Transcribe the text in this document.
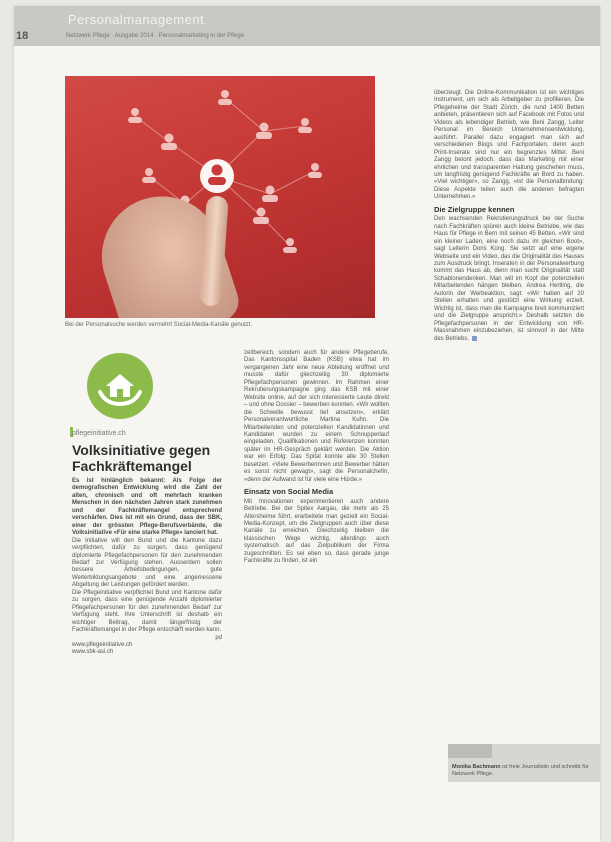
Personalmanagement
18	Netzwerk Pflege · Ausgabe 2014 · Personalmarketing in der Pflege
Bei der Personalsuche werden vermehrt Social-Media-Kanäle genutzt.
pflegeinitiative.ch
Volksinitiative gegen Fachkräftemangel

Es ist hinlänglich bekannt: Als Folge der demografischen Entwicklung wird die Zahl der alten, chronisch und oft mehrfach kranken Menschen in den nächsten Jahren stark zunehmen und der Fachkräftemangel entsprechend verschärfen. Dies ist mit ein Grund, dass der SBK, einer der grössten Pflege-Berufsverbände, die Volksinitiative «Für eine starke Pflege» lanciert hat.

Die Initiative will den Bund und die Kantone dazu verpflichten, dafür zu sorgen, dass genügend diplomierte Pflegefachpersonen für den zunehmenden Bedarf zur Verfügung stehen. Ausserdem sollen bessere Arbeitsbedingungen, gute Weiterbildungsangebote und eine angemessene Abgeltung der Leistungen gefördert werden.

Die Pflegeinitiative verpflichtet Bund und Kantone dafür zu sorgen, dass eine genügende Anzahl diplomierter Pflegefachpersonen für den zunehmenden Bedarf zur Verfügung steht. Ihre Unterschrift ist deshalb ein wichtiger Beitrag, damit längerfristig der Fachkräftemangel in der Pflege entschärft werden kann.

pd

www.pflegeinitiative.ch

www.sbk-asi.ch

zeitbereich, sondern auch für andere Pflegeberufe. Das Kantonsspital Baden (KSB) etwa hat im vergangenen Jahr eine neue Abteilung eröffnet und musste dafür gleichzeitig 30 diplomierte Pflegefachpersonen gewinnen. Im Rahmen einer Rekrutierungskampagne ging das KSB mit einer Website online, auf der sich interessierte Leute direkt – und ohne Dossier – bewerben konnten. «Wir wollten die Schwelle bewusst tief ansetzen», erklärt Personalverantwortliche Martina Kuhn. Die Mitarbeitenden und potenziellen Kandidatinnen und Kandidaten wurden zu einem Schnupperlauf eingeladen. Qualifikationen und Referenzen konnten später im HR-Gespräch geklärt werden. Die Aktion war ein Erfolg: Das Spital konnte alle 30 Stellen besetzen. «Viele Bewerberinnen und Bewerber hätten es sonst nicht gewagt», sagt die Personalchefin, «denn der Aufwand ist für viele eine Hürde.»

Einsatz von Social Media

Mit Innovationen experimentieren auch andere Betriebe. Bei der Spitex Aargau, die mehr als 25 Altersheime führt, erarbeitete man gezielt ein Social-Media-Konzept, um die Zielgruppen auch über diese Kanäle zu erreichen. Gleichzeitig bleiben die klassischen Wege wichtig, allerdings auch systematisch auf das Zielpublikum der Firma zugeschnitten. Es sei eben so, dass gerade junge Fachkräfte zu finden, ist ein

überzeugt. Die Online-Kommunikation ist ein wichtiges Instrument, um sich als Arbeitgeber zu profilieren. Die Pflegeheime der Stadt Zürich, die rund 1400 Betten anbieten, präsentieren sich auf Facebook mit Fotos und Videos als lebendiger Betrieb, wie Beni Zangg, Leiter Personal im Bereich Unternehmensentwicklung, ausführt. Parallel dazu engagiert man sich auf verschiedenen Blogs und Fachportalen, denn auch Print-Inserate sind nur ein begrenztes Mittel. Beni Zangg betont jedoch, dass das Marketing mit einer ehrlichen und transparenten Haltung geschehen muss, um langfristig genügend Fachkräfte an Bord zu haben. «Viel wichtiger», so Zangg, «ist die Personalbindung: Diese Aspekte teilen auch die anderen befragten Unternehmen.»

Die Zielgruppe kennen

Den wachsenden Rekrutierungsdruck bei der Suche nach Fachkräften spüren auch kleine Betriebe, wie das Haus für Pflege in Bern mit seinen 45 Betten. «Wir sind ein kleiner Laden, eine noch dazu im gleichen Boot», sagt Leiterin Doris Küng. Sie setzt auf eine eigene Webseite und ein Video, das die Originalität des Hauses zum Ausdruck bringt. Inseraten in der Personalwerbung kommt das Haus ab, denn man sucht Originalität statt Schablonendenken. Man will im Kopf der potenziellen Mitarbeitenden hängen bleiben. Andrea Hertling, die Autorin der Werbeaktion, sagt: «Wir haben auf 20 Stellen erhalten und gestützt eine Wirkung erzielt. Wichtig ist, dass man die Kampagne breit kommuniziert und die Zielgruppe anspricht.» Deshalb setzten die Pflegefachpersonen in der Entwicklung von HR-Massnahmen einzubeziehen, ist sinnvoll in der Mitte des Betriebs.

Monika Bachmann ist freie Journalistin und schreibt für Netzwerk Pflege.
